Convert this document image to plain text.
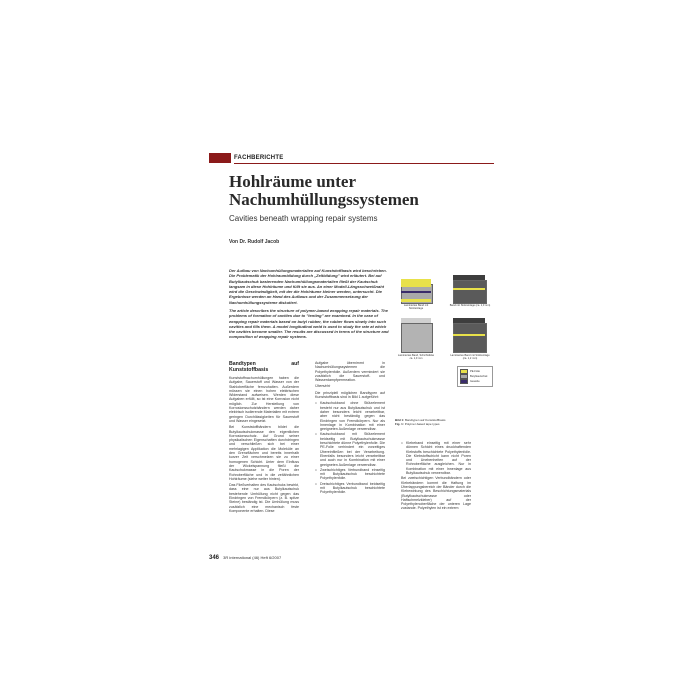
FACHBERICHTE
Hohlräume unter
Nachumhüllungssystemen
Cavities beneath wrapping repair systems
Von Dr. Rudolf Jacob
Der Aufbau von Nachumhüllungsmaterialien auf Kunststoffbasis wird beschrieben. Die Problematik der Hohlraumbildung durch „Zeltbildung" wird erläutert. Bei auf Butylkautschuk basierenden Nachumhüllungsmaterialien fließt der Kautschuk langsam in diese Hohlräume und füllt sie aus. An einer Modell-Längsschweißnaht wird die Geschwindigkeit, mit der die Hohlräume kleiner werden, untersucht. Die Ergebnisse werden an Hand des Aufbaus und der Zusammensetzung der Nachumhüllungssysteme diskutiert.
The article describes the structure of polymer-based wrapping repair materials. The problems of formation of cavities due to "tenting" are examined. In the case of wrapping repair materials based on butyl rubber, the rubber flows slowly into such cavities and fills them. A model longitudinal weld is used to study the rate at which the cavities become smaller. The results are discussed in terms of the structure and composition of wrapping repair systems.
Laminiertes Band mit Stützeinlage
Band mit Stützeinlage (ca. 1,0 mm)
Laminiertes Band, Schichtdicke ca. 1,0 mm
Laminiertes Band mit Stützeinlage (ca. 1,2 mm)
PE-Folie
Butylkautschuk
Gewebe
Bild 1: Bandtypen auf Kunststoffbasis
Fig. 1: Polymer-based tape types
Bandtypen auf Kunststoffbasis

Kunststoffnachumhüllungen haben die Aufgabe, Sauerstoff und Wasser von der Stahloberfläche fernzuhalten. Außerdem müssen sie einen hohen elektrischen Widerstand aufweisen. Werden diese Aufgaben erfüllt, so ist eine Korrosion nicht möglich. Zur Herstellung von Korrosionsschutzbändern werden daher elektrisch isolierende Materialien mit extrem geringen Durchlässigkeiten für Sauerstoff und Wasser eingesetzt.

Bei Kunststoffbändern bildet die Butylkautschukmasse den eigentlichen Korrosionsschutz. Auf Grund seiner physikalischen Eigenschaften durchdringen und verschließen sich bei einer mehrlagigen Applikation die Moleküle an den Grenzflächen und bereits innerhalb kurzer Zeit verschmelzen sie zu einer homogenen Schicht. Unter dem Einfluss der Wickelspannung fließt die Kautschukmasse in die Poren der Rohroberfläche und in die zeltähnlichen Hohlräume (siehe weiter hinten).

Das Fließverhalten des Kautschuks bewirkt, dass eine nur aus Butylkautschuk bestehende Umhüllung nicht gegen das Eindringen von Fremdkörpern (z. B. spitze Steine) beständig ist. Die Umhüllung muss zusätzlich eine mechanisch feste Komponente erhalten. Diese

Aufgabe übernimmt in Nachumhüllungssystemen die Polyethylenfolie. Außerdem vermindert sie zusätzlich die Sauerstoff- und Wasserdampfpermeation.

Übersicht

Die prinzipiell möglichen Bandtypen auf Kunststoffbasis sind in Bild 1 aufgeführt:

□ Kautschukband ohne Stützelement besteht nur aus Butylkautschuk und ist daher besonders leicht verarbeitbar, aber nicht beständig gegen das Eindringen von Fremdkörpern. Nur als Innenlage in Kombination mit einer geeigneten Außenlage verwendbar.
□ Kautschukband mit Stützelement beidseitig mit Butylkautschukmasse beschichtete dünne Polyethylenfolie. Die PE-Folie verhindert ein vorzeitiges Übereinfließen bei der Verarbeitung. Ebenfalls besonders leicht verarbeitbar und auch nur in Kombination mit einer geeigneten Außenlage verwendbar.
□ Zweischichtiges Verbundband einseitig mit Butylkautschuk beschichtete Polyethylenfolie.
□ Dreischichtiges Verbundband beidseitig mit Butylkautschuk beschichtete Polyethylenfolie.
□ Klebeband einseitig mit einer sehr dünnen Schicht eines druckhaftenden Klebstoffs beschichtete Polyethylenfolie. Die Klebstoffschicht kann nicht Poren und Unebenheiten auf der Rohroberfläche ausgleichen. Nur in Kombination mit einer Innenlage aus Butylkautschuk verwendbar.

Bei zweischichtigen Verbundbändern oder Klebebändern kommt die Haftung im Überlappungsbereich der Bänder durch die Klebewirkung des Beschichtungsmaterials (Butylkautschukmasse oder Haftschmelzkleber) auf der Polyethylenoberfläche der unteren Lage zustande. Polyethylen ist ein extrem

346 3R international (46) Heft 6/2007
